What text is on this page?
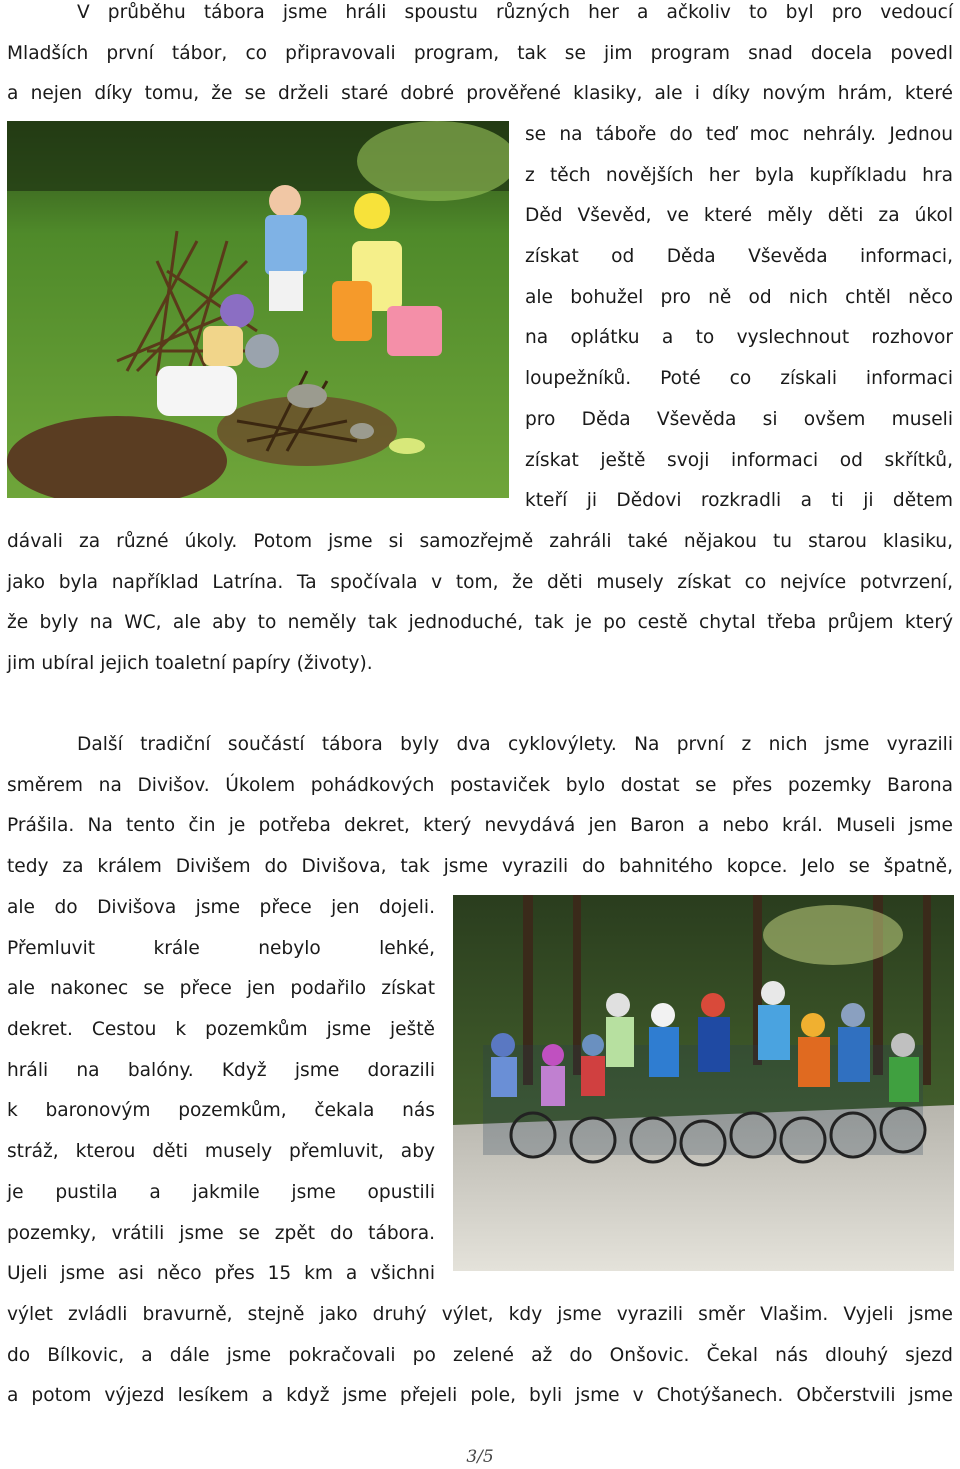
V průběhu tábora jsme hráli spoustu různých her a ačkoliv to byl pro vedoucí
Mladších první tábor, co připravovali program, tak se jim program snad docela povedl
a nejen díky tomu, že se drželi staré dobré prověřené klasiky, ale i díky novým hrám, které
se na táboře do teď moc nehrály. Jednou
z těch novějších her byla kupříkladu hra
Děd Vševěd, ve které měly děti za úkol
získat od Děda Vševěda informaci,
ale bohužel pro ně od nich chtěl něco
na oplátku a to vyslechnout rozhovor
loupežníků. Poté co získali informaci
pro Děda Vševěda si ovšem museli
získat ještě svoji informaci od skřítků,
kteří ji Dědovi rozkradli a ti ji dětem
dávali za různé úkoly. Potom jsme si samozřejmě zahráli také nějakou tu starou klasiku,
jako byla například Latrína. Ta spočívala v tom, že děti musely získat co nejvíce potvrzení,
že byly na WC, ale aby to neměly tak jednoduché, tak je po cestě chytal třeba průjem který
jim ubíral jejich toaletní papíry (životy).
Další tradiční součástí tábora byly dva cyklovýlety. Na první z nich jsme vyrazili
směrem na Divišov. Úkolem pohádkových postaviček bylo dostat se přes pozemky Barona
Prášila. Na tento čin je potřeba dekret, který nevydává jen Baron a nebo král. Museli jsme
tedy za králem Divišem do Divišova, tak jsme vyrazili do bahnitého kopce. Jelo se špatně,
ale do Divišova jsme přece jen dojeli.
Přemluvit krále nebylo lehké,
ale nakonec se přece jen podařilo získat
dekret. Cestou k pozemkům jsme ještě
hráli na balóny. Když jsme dorazili
k baronovým pozemkům, čekala nás
stráž, kterou děti musely přemluvit, aby
je pustila a jakmile jsme opustili
pozemky, vrátili jsme se zpět do tábora.
Ujeli jsme asi něco přes 15 km a všichni
výlet zvládli bravurně, stejně jako druhý výlet, kdy jsme vyrazili směr Vlašim. Vyjeli jsme
do Bílkovic, a dále jsme pokračovali po zelené až do Onšovic. Čekal nás dlouhý sjezd
a potom výjezd lesíkem a když jsme přejeli pole, byli jsme v Chotýšanech. Občerstvili jsme
3/5
